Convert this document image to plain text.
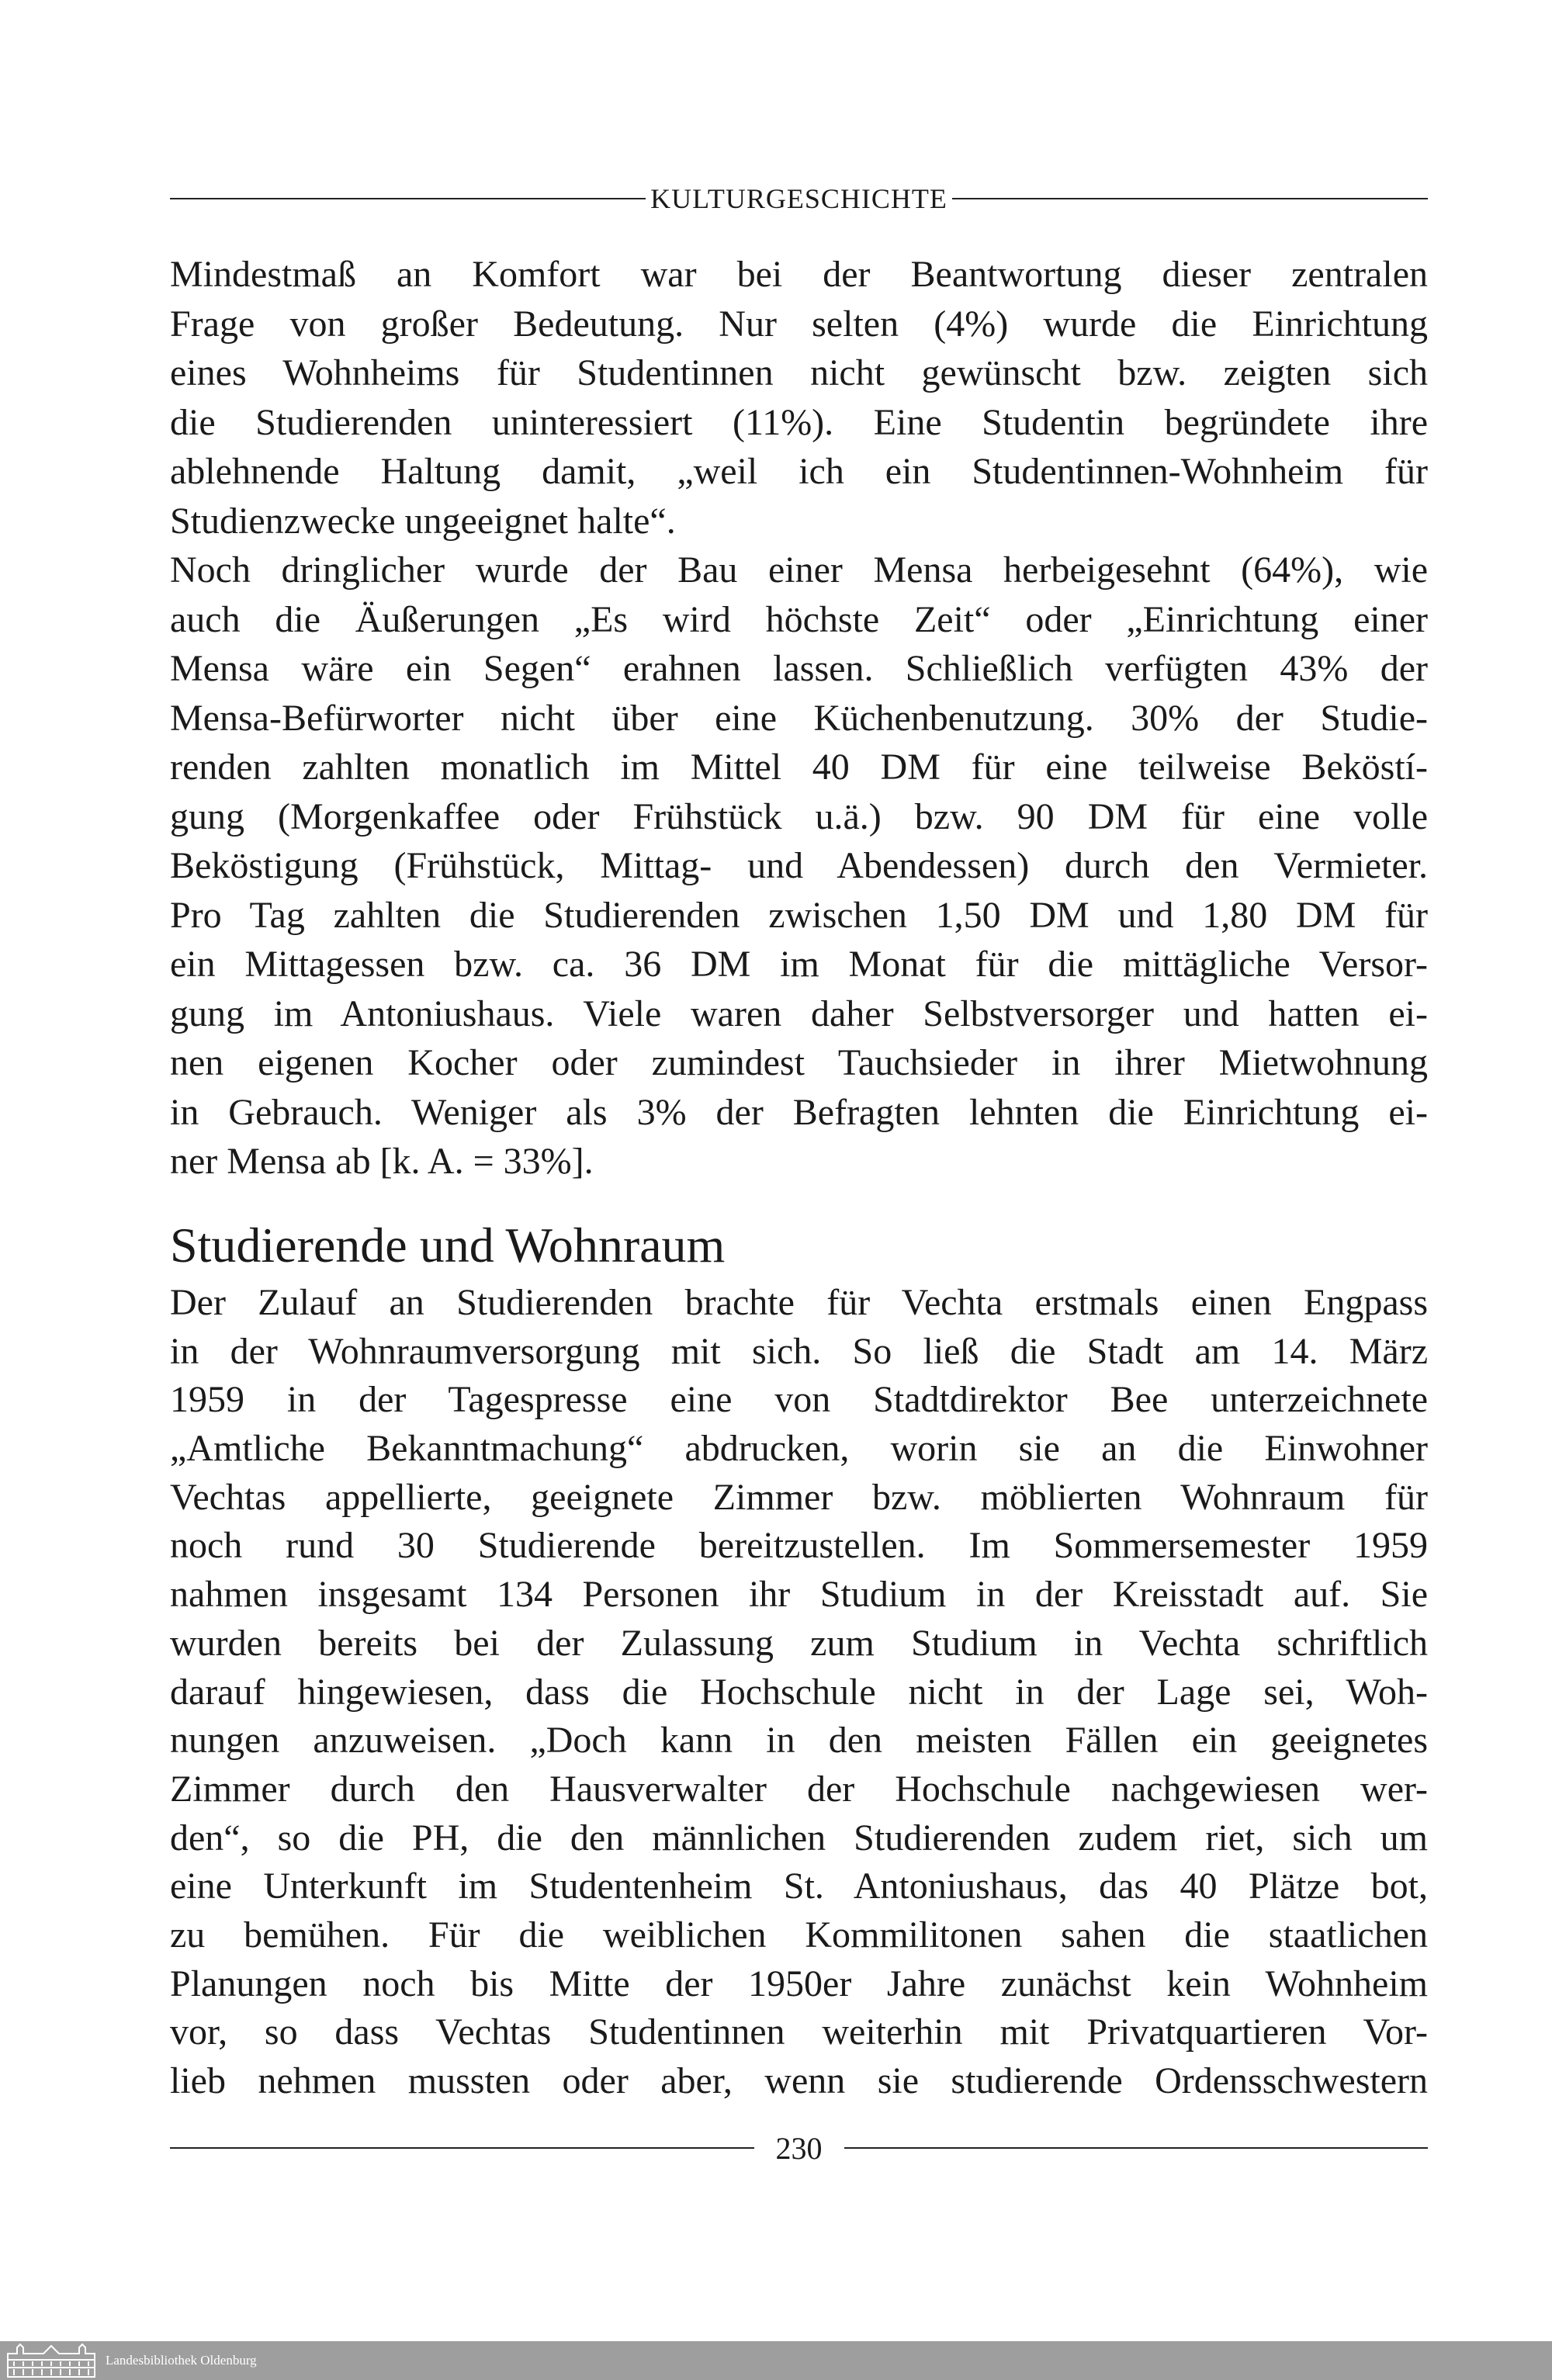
KULTURGESCHICHTE
Mindestmaß an Komfort war bei der Beantwortung dieser zentralen
Frage von großer Bedeutung. Nur selten (4%) wurde die Einrichtung
eines Wohnheims für Studentinnen nicht gewünscht bzw. zeigten sich
die Studierenden uninteressiert (11%). Eine Studentin begründete ihre
ablehnende Haltung damit, „weil ich ein Studentinnen-Wohnheim für
Studienzwecke ungeeignet halte“.
Noch dringlicher wurde der Bau einer Mensa herbeigesehnt (64%), wie
auch die Äußerungen „Es wird höchste Zeit“ oder „Einrichtung einer
Mensa wäre ein Segen“ erahnen lassen. Schließlich verfügten 43% der
Mensa-Befürworter nicht über eine Küchenbenutzung. 30% der Studie-
renden zahlten monatlich im Mittel 40 DM für eine teilweise Beköstí-
gung (Morgenkaffee oder Frühstück u.ä.) bzw. 90 DM für eine volle
Beköstigung (Frühstück, Mittag- und Abendessen) durch den Vermieter.
Pro Tag zahlten die Studierenden zwischen 1,50 DM und 1,80 DM für
ein Mittagessen bzw. ca. 36 DM im Monat für die mittägliche Versor-
gung im Antoniushaus. Viele waren daher Selbstversorger und hatten ei-
nen eigenen Kocher oder zumindest Tauchsieder in ihrer Mietwohnung
in Gebrauch. Weniger als 3% der Befragten lehnten die Einrichtung ei-
ner Mensa ab [k. A. = 33%].
Studierende und Wohnraum
Der Zulauf an Studierenden brachte für Vechta erstmals einen Engpass
in der Wohnraumversorgung mit sich. So ließ die Stadt am 14. März
1959 in der Tagespresse eine von Stadtdirektor Bee unterzeichnete
„Amtliche Bekanntmachung“ abdrucken, worin sie an die Einwohner
Vechtas appellierte, geeignete Zimmer bzw. möblierten Wohnraum für
noch rund 30 Studierende bereitzustellen. Im Sommersemester 1959
nahmen insgesamt 134 Personen ihr Studium in der Kreisstadt auf. Sie
wurden bereits bei der Zulassung zum Studium in Vechta schriftlich
darauf hingewiesen, dass die Hochschule nicht in der Lage sei, Woh-
nungen anzuweisen. „Doch kann in den meisten Fällen ein geeignetes
Zimmer durch den Hausverwalter der Hochschule nachgewiesen wer-
den“, so die PH, die den männlichen Studierenden zudem riet, sich um
eine Unterkunft im Studentenheim St. Antoniushaus, das 40 Plätze bot,
zu bemühen. Für die weiblichen Kommilitonen sahen die staatlichen
Planungen noch bis Mitte der 1950er Jahre zunächst kein Wohnheim
vor, so dass Vechtas Studentinnen weiterhin mit Privatquartieren Vor-
lieb nehmen mussten oder aber, wenn sie studierende Ordensschwestern
230
Landesbibliothek Oldenburg
